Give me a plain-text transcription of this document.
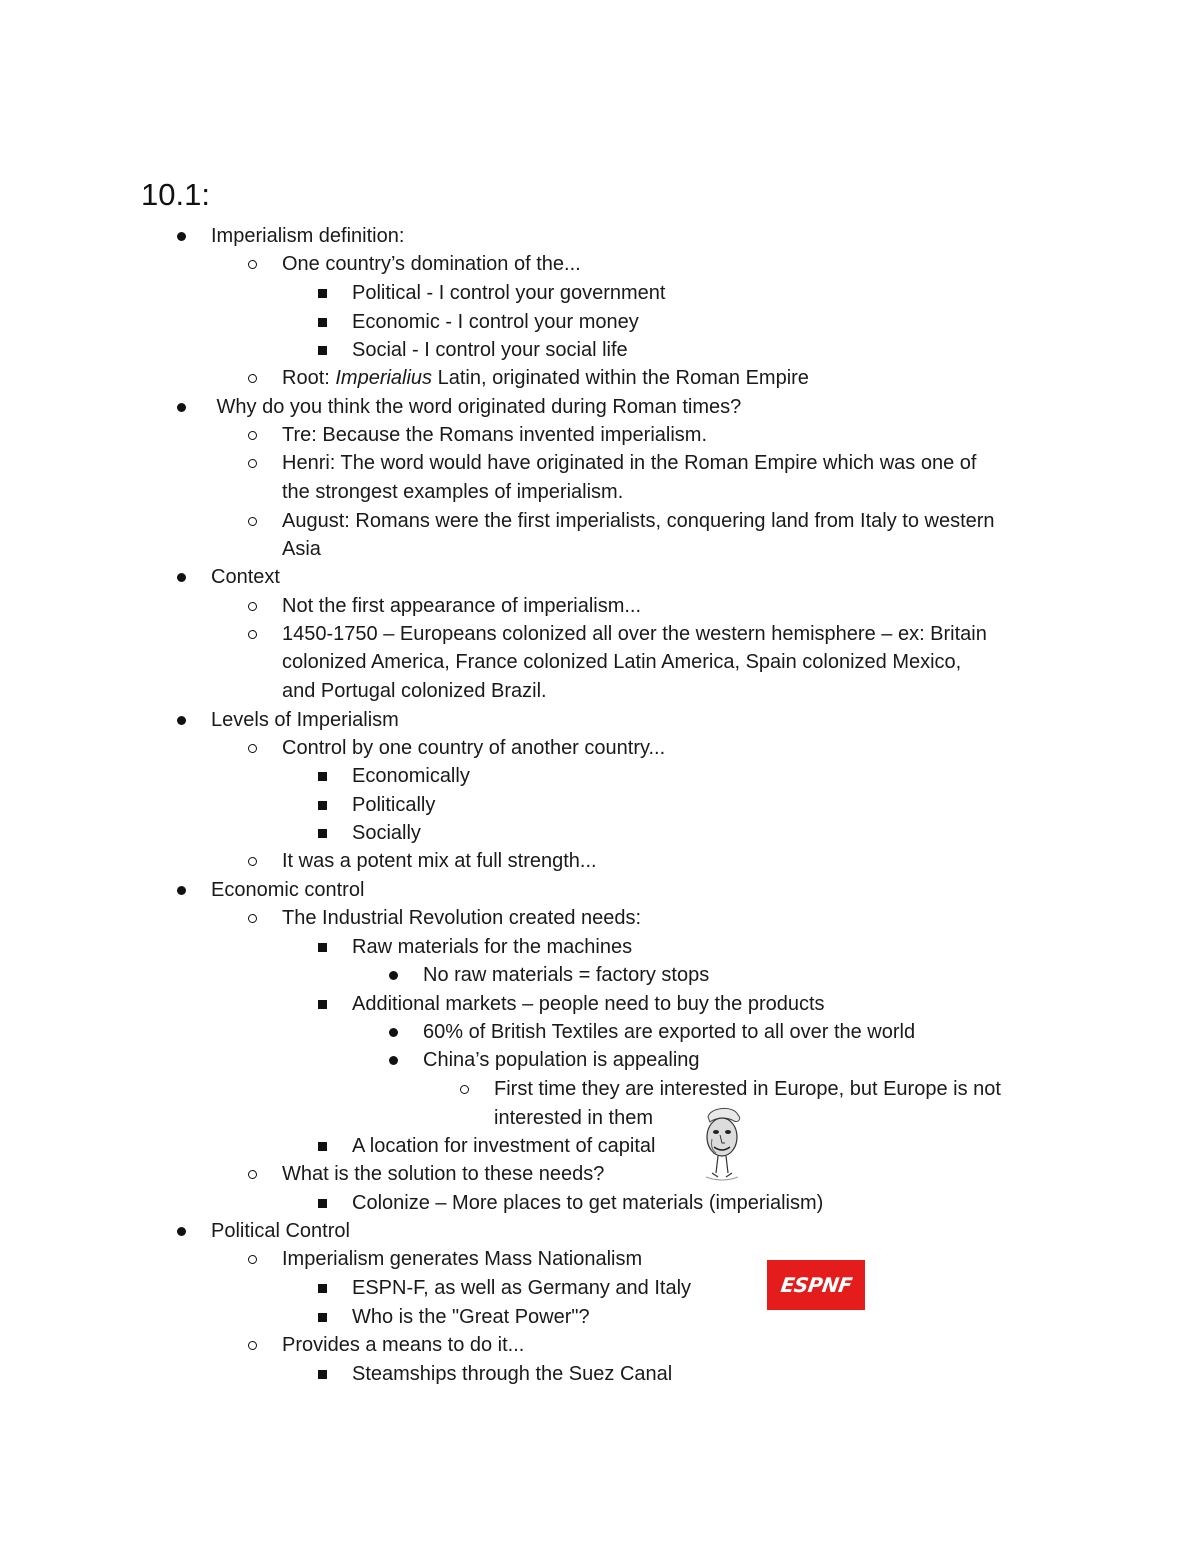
10.1:
Imperialism definition:
One country’s domination of the...
Political - I control your government
Economic - I control your money
Social - I control your social life
Root: Imperialius Latin, originated within the Roman Empire
Why do you think the word originated during Roman times?
Tre: Because the Romans invented imperialism.
Henri: The word would have originated in the Roman Empire which was one of
the strongest examples of imperialism.
August: Romans were the first imperialists, conquering land from Italy to western
Asia
Context
Not the first appearance of imperialism...
1450-1750 – Europeans colonized all over the western hemisphere – ex: Britain
colonized America, France colonized Latin America, Spain colonized Mexico,
and Portugal colonized Brazil.
Levels of Imperialism
Control by one country of another country...
Economically
Politically
Socially
It was a potent mix at full strength...
Economic control
The Industrial Revolution created needs:
Raw materials for the machines
No raw materials = factory stops
Additional markets – people need to buy the products
60% of British Textiles are exported to all over the world
China’s population is appealing
First time they are interested in Europe, but Europe is not
interested in them
A location for investment of capital
What is the solution to these needs?
Colonize – More places to get materials (imperialism)
Political Control
Imperialism generates Mass Nationalism
ESPN-F, as well as Germany and Italy
Who is the "Great Power"?
Provides a means to do it...
Steamships through the Suez Canal
ESPNF
